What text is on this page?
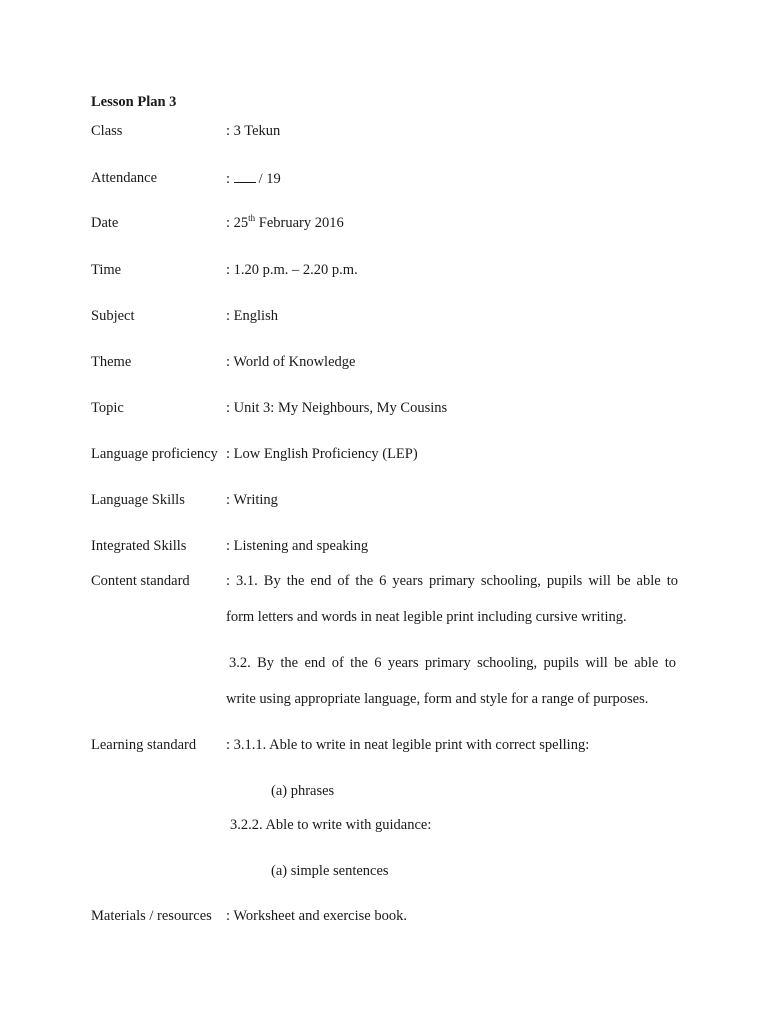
Lesson Plan 3
Class	: 3 Tekun
Attendance	: / 19
Date	: 25th February 2016
Time	: 1.20 p.m. – 2.20 p.m.
Subject	: English
Theme	: World of Knowledge
Topic	: Unit 3: My Neighbours, My Cousins
Language proficiency : Low English Proficiency (LEP)
Language Skills	: Writing
Integrated Skills	: Listening and speaking
Content standard	: 3.1. By the end of the 6 years primary schooling, pupils will be able to
form letters and words in neat legible print including cursive writing.
3.2. By the end of the 6 years primary schooling, pupils will be able to
write using appropriate language, form and style for a range of purposes.
Learning standard : 3.1.1. Able to write in neat legible print with correct spelling:
(a) phrases
3.2.2. Able to write with guidance:
(a) simple sentences
Materials / resources : Worksheet and exercise book.
